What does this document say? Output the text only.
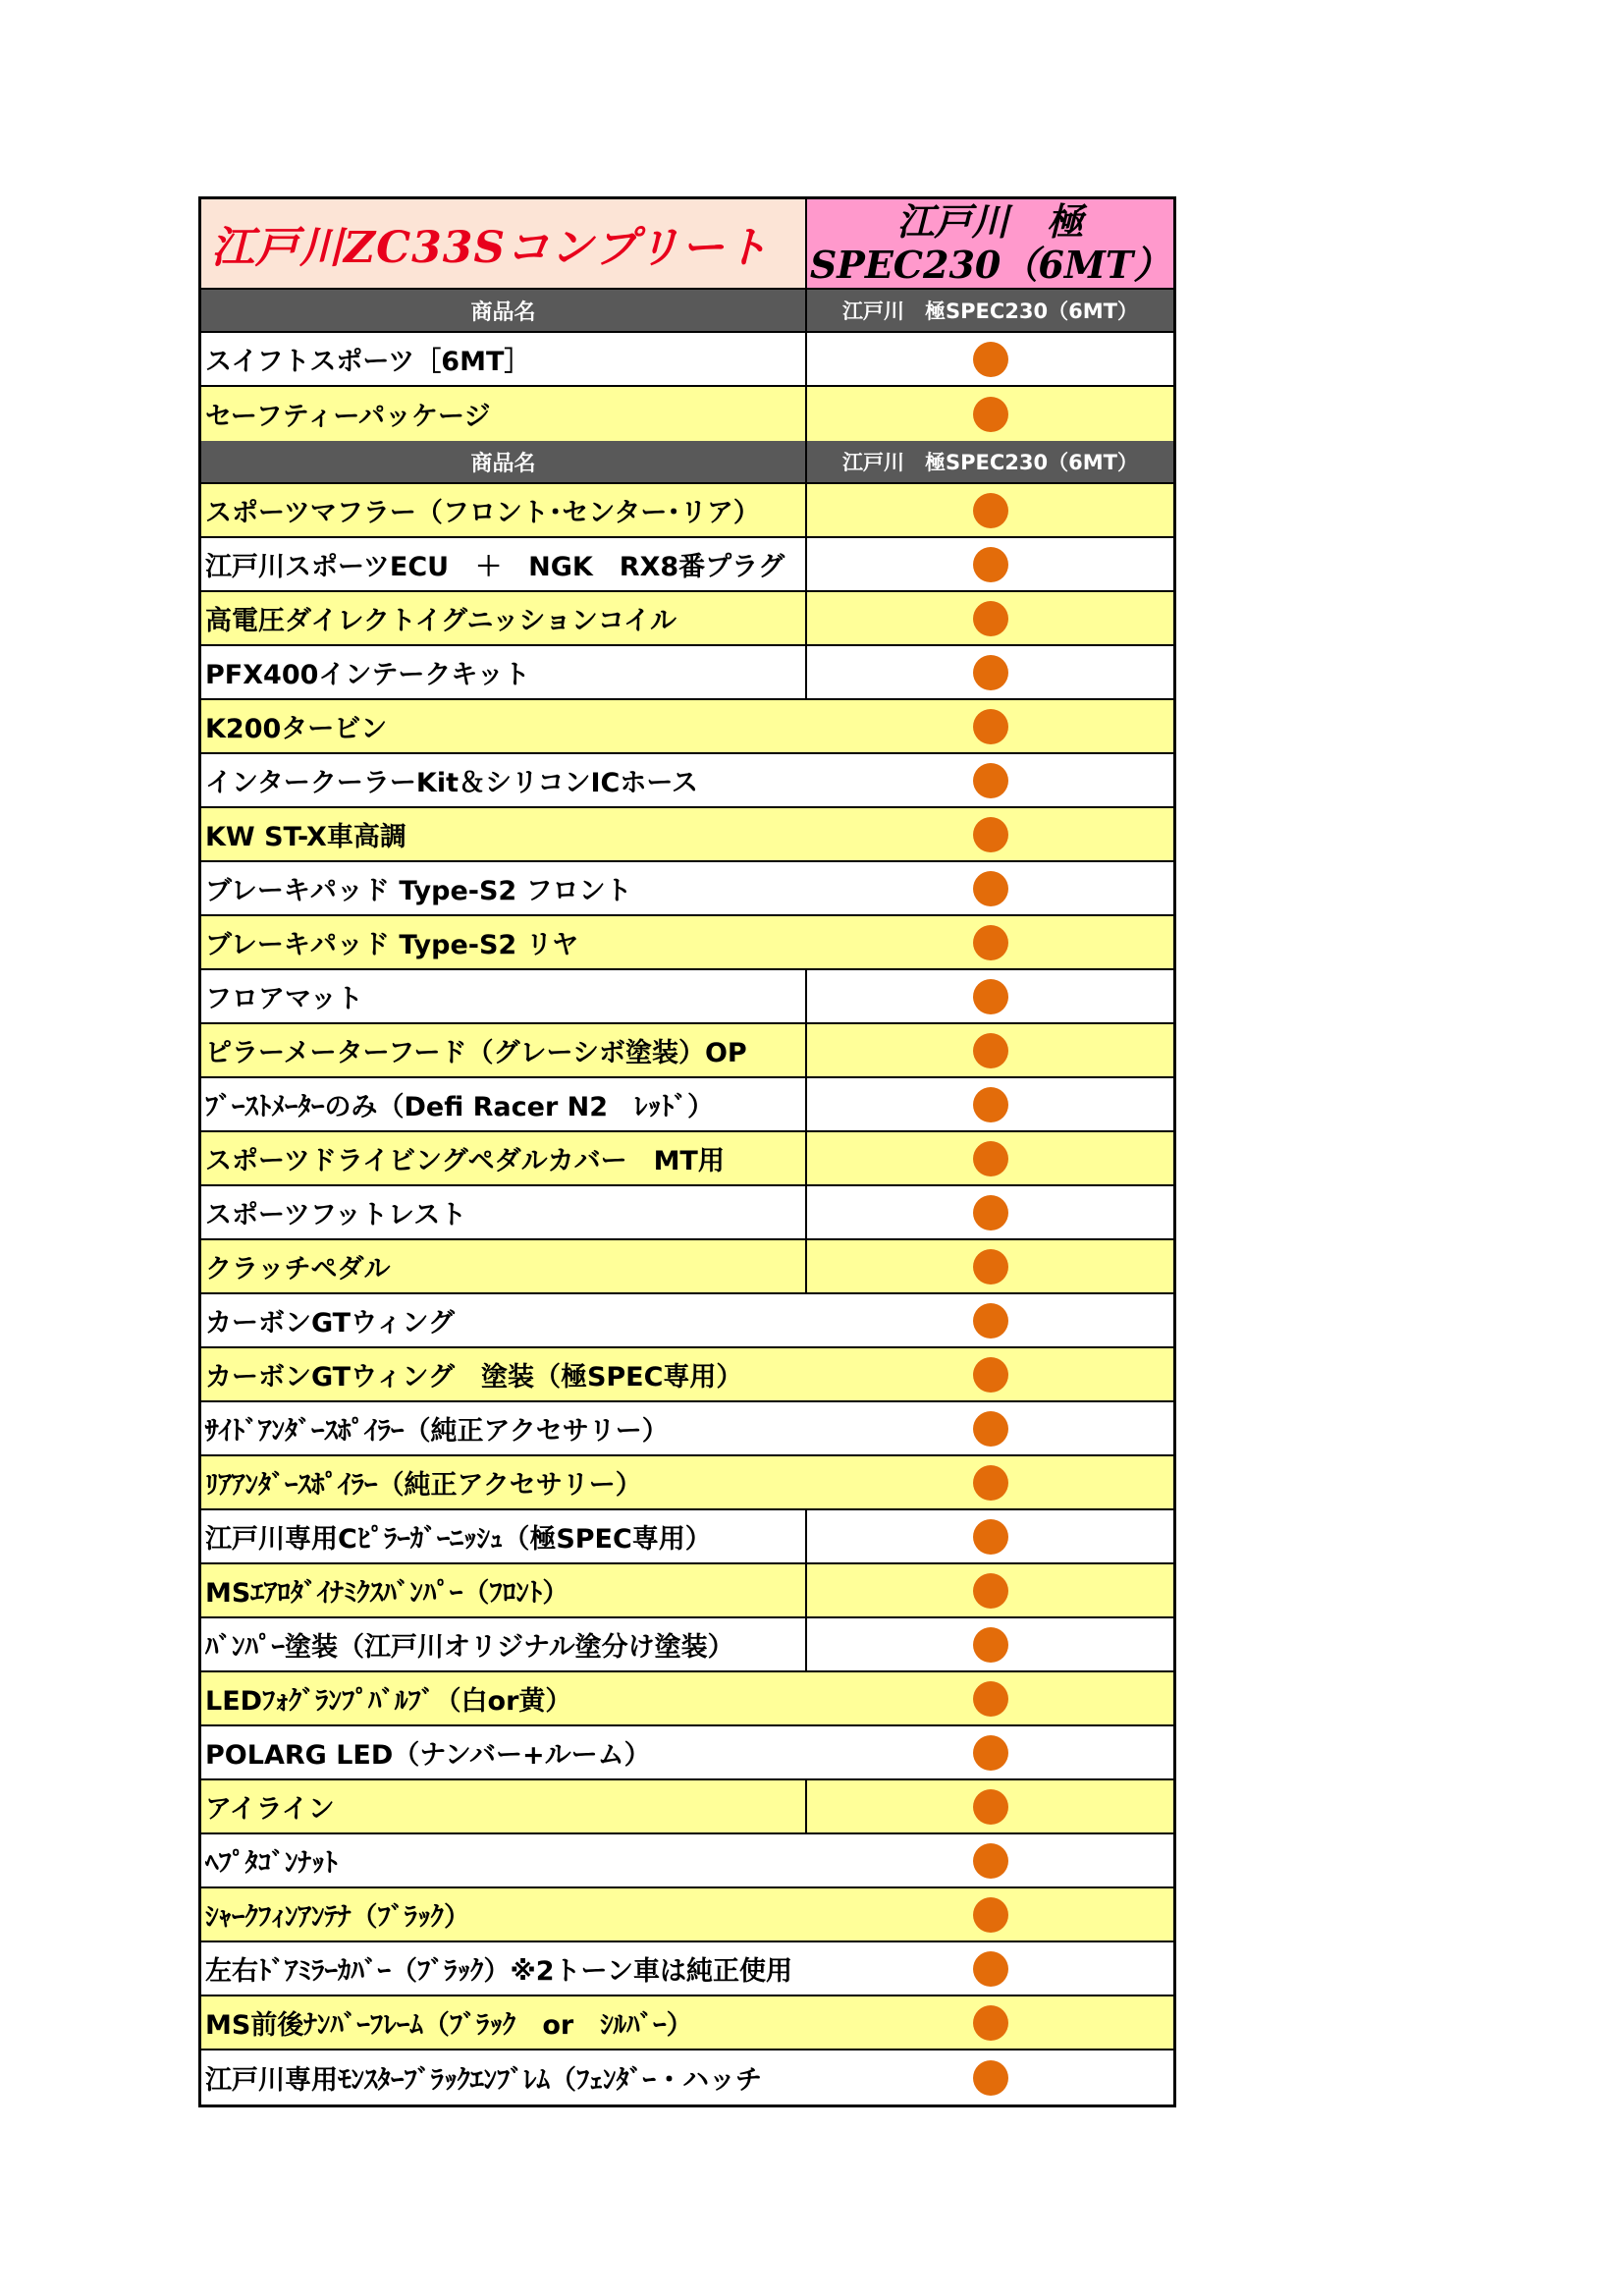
江戸川ZC33Sコンプリート
江戸川　極
SPEC230（6MT）
商品名	江戸川　極SPEC230（6MT）
スイフトスポーツ［6MT］
セーフティーパッケージ
商品名	江戸川　極SPEC230（6MT）
スポーツマフラー（フロント･センター･リア）
江戸川スポーツECU　＋　NGK　RX8番プラグ
高電圧ダイレクトイグニッションコイル
PFX400インテークキット
K200タービン
インタークーラーKit＆シリコンICホース
KW ST-X車高調
ブレーキパッド Type-S2 フロント
ブレーキパッド Type-S2 リヤ
フロアマット
ピラーメーターフード（グレーシボ塗装）OP
ﾌﾞｰｽﾄﾒｰﾀｰのみ（Defi Racer N2　ﾚｯﾄﾞ）
スポーツドライビングペダルカバー　MT用
スポーツフットレスト
クラッチペダル
カーボンGTウィング
カーボンGTウィング　塗装（極SPEC専用）
ｻｲﾄﾞｱﾝﾀﾞｰｽﾎﾟｲﾗｰ（純正アクセサリー）
ﾘｱｱﾝﾀﾞｰｽﾎﾟｲﾗｰ（純正アクセサリー）
江戸川専用Cﾋﾟﾗｰｶﾞｰﾆｯｼｭ（極SPEC専用）
MSｴｱﾛﾀﾞｲﾅﾐｸｽﾊﾞﾝﾊﾟｰ（ﾌﾛﾝﾄ）
ﾊﾞﾝﾊﾟｰ塗装（江戸川オリジナル塗分け塗装）
LEDﾌｫｸﾞﾗﾝﾌﾟﾊﾞﾙﾌﾞ（白or黄）
POLARG LED（ナンバー+ルーム）
アイライン
ﾍﾌﾟﾀｺﾞﾝﾅｯﾄ
ｼｬｰｸﾌｨﾝｱﾝﾃﾅ（ﾌﾞﾗｯｸ）
左右ﾄﾞｱﾐﾗｰｶﾊﾞｰ（ﾌﾞﾗｯｸ）※2トーン車は純正使用
MS前後ﾅﾝﾊﾞｰﾌﾚｰﾑ（ﾌﾞﾗｯｸ　or　ｼﾙﾊﾞｰ）
江戸川専用ﾓﾝｽﾀｰﾌﾞﾗｯｸｴﾝﾌﾞﾚﾑ（ﾌｪﾝﾀﾞｰ・ハッチ
